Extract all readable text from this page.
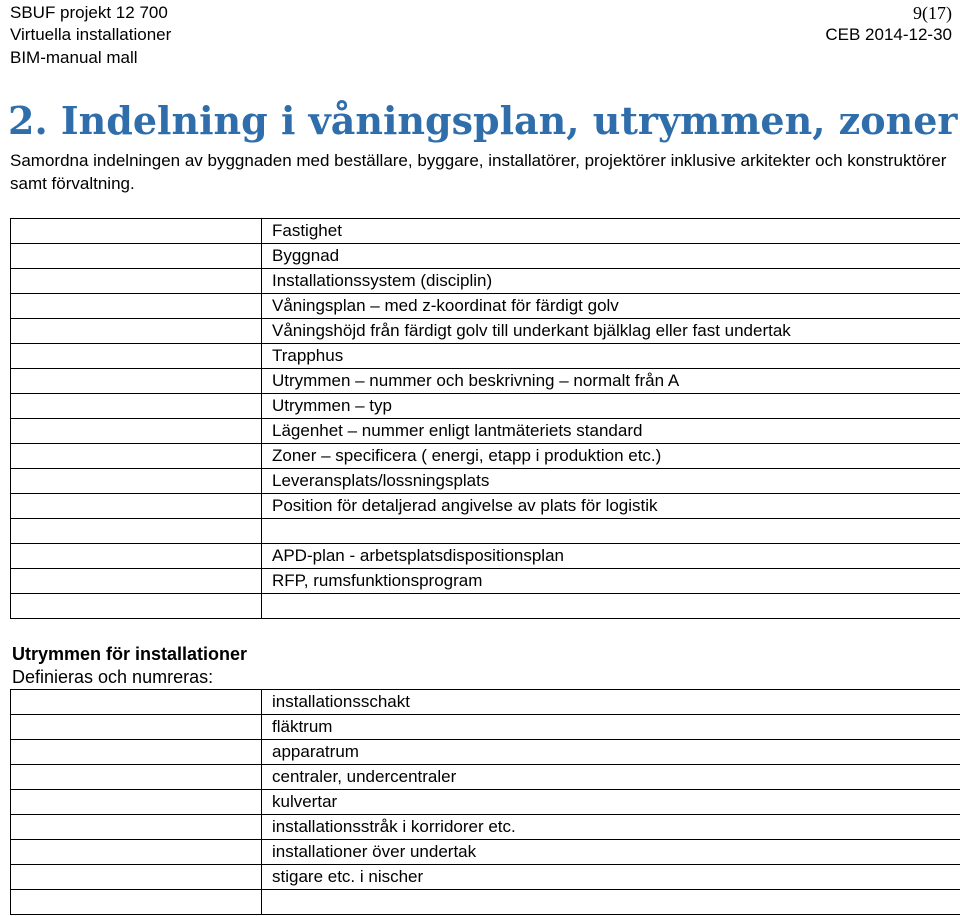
SBUF projekt 12 700
Virtuella installationer
BIM-manual mall
9(17)
CEB 2014-12-30
2. Indelning i våningsplan, utrymmen, zoner

Samordna indelningen av byggnaden med beställare, byggare, installatörer, projektörer inklusive arkitekter och konstruktörer samt förvaltning.

	Fastighet
	Byggnad
	Installationssystem (disciplin)
	Våningsplan – med z-koordinat för färdigt golv
	Våningshöjd från färdigt golv till underkant bjälklag eller fast undertak
	Trapphus
	Utrymmen – nummer och beskrivning – normalt från A
	Utrymmen – typ
	Lägenhet – nummer enligt lantmäteriets standard
	Zoner – specificera ( energi, etapp i produktion etc.)
	Leveransplats/lossningsplats
	Position för detaljerad angivelse av plats för logistik

	APD-plan - arbetsplatsdispositionsplan
	RFP, rumsfunktionsprogram

Utrymmen för installationer
Definieras och numreras:
	installationsschakt
	fläktrum
	apparatrum
	centraler, undercentraler
	kulvertar
	installationsstråk i korridorer etc.
	installationer över undertak
	stigare etc. i nischer
